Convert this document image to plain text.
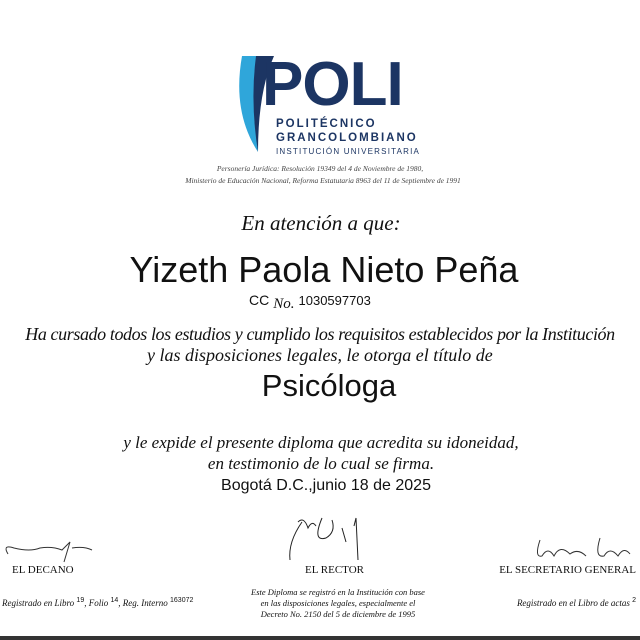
POLI
POLITÉCNICO
GRANCOLOMBIANO
INSTITUCIÓN UNIVERSITARIA
Personería Jurídica: Resolución 19349 del 4 de Noviembre de 1980,
Ministerio de Educación Nacional, Reforma Estatutaria 8963 del 11 de Septiembre de 1991
En atención a que:
Yizeth Paola Nieto Peña
CC No. 1030597703
Ha cursado todos los estudios y cumplido los requisitos establecidos por la Institución
y las disposiciones legales, le otorga el título de
Psicóloga
y le expide el presente diploma que acredita su idoneidad,
en testimonio de lo cual se firma.
Bogotá D.C.,junio 18 de 2025
EL DECANO	EL RECTOR	EL SECRETARIO GENERAL
Registrado en Libro $^{19}$, Folio $^{14}$, Reg. Interno $^{163072}$
Este Diploma se registró en la Institución con base
en las disposiciones legales, especialmente el
Decreto No. 2150 del 5 de diciembre de 1995
Registrado en el Libro de actas $^2$
